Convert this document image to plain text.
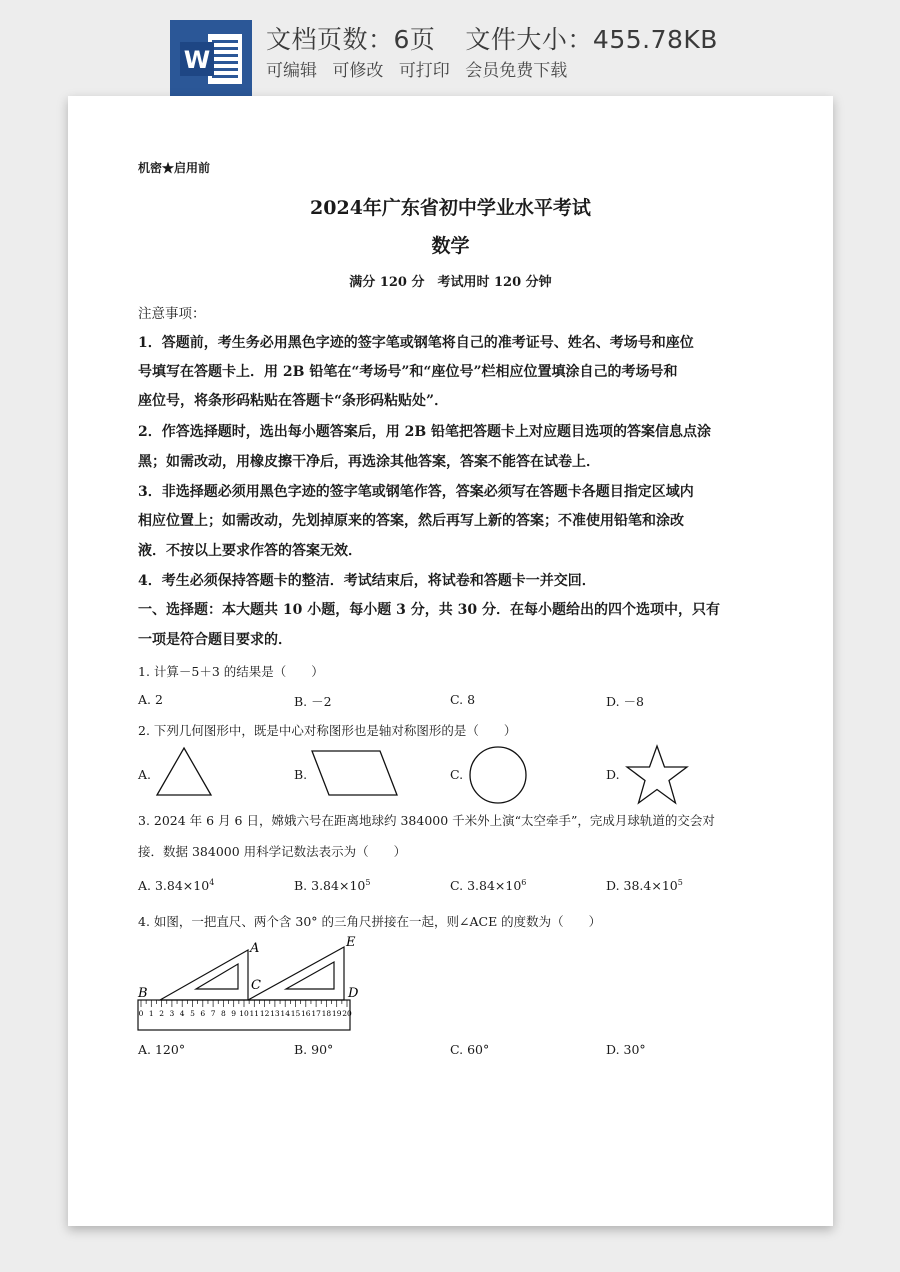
W
文档页数：6页 文件大小：455.78KB
可编辑 可修改 可打印 会员免费下载
机密★启用前
2024年广东省初中学业水平考试
数学
满分 120 分　考试用时 120 分钟
注意事项：
1．答题前，考生务必用黑色字迹的签字笔或钢笔将自己的准考证号、姓名、考场号和座位
号填写在答题卡上．用 2B 铅笔在“考场号”和“座位号”栏相应位置填涂自己的考场号和
座位号，将条形码粘贴在答题卡“条形码粘贴处”．
2．作答选择题时，选出每小题答案后，用 2B 铅笔把答题卡上对应题目选项的答案信息点涂
黑；如需改动，用橡皮擦干净后，再选涂其他答案，答案不能答在试卷上．
3．非选择题必须用黑色字迹的签字笔或钢笔作答，答案必须写在答题卡各题目指定区域内
相应位置上；如需改动，先划掉原来的答案，然后再写上新的答案；不准使用铅笔和涂改
液．不按以上要求作答的答案无效．
4．考生必须保持答题卡的整洁．考试结束后，将试卷和答题卡一并交回．
一、选择题：本大题共 10 小题，每小题 3 分，共 30 分．在每小题给出的四个选项中，只有
一项是符合题目要求的．
1. 计算－5＋3 的结果是（　　）
A. 2	B. －2	C. 8	D. －8
2. 下列几何图形中，既是中心对称图形也是轴对称图形的是（　　）
A.	B.	C.	D.
3. 2024 年 6 月 6 日，嫦娥六号在距离地球约 384000 千米外上演“太空牵手”，完成月球轨道的交会对
接．数据 384000 用科学记数法表示为（　　）
A. $3.84\times 10^4$	B. $3.84\times 10^5$	C. $3.84\times 10^6$	D. $38.4\times 10^5$
4. 如图，一把直尺、两个含 30° 的三角尺拼接在一起，则∠ACE 的度数为（　　）
0 1 2 3 4 5 6 7 8 9 10 11 12 13 14 15 16 17 18 19 20
A
B
C
D
E
A. 120°	B. 90°	C. 60°	D. 30°
